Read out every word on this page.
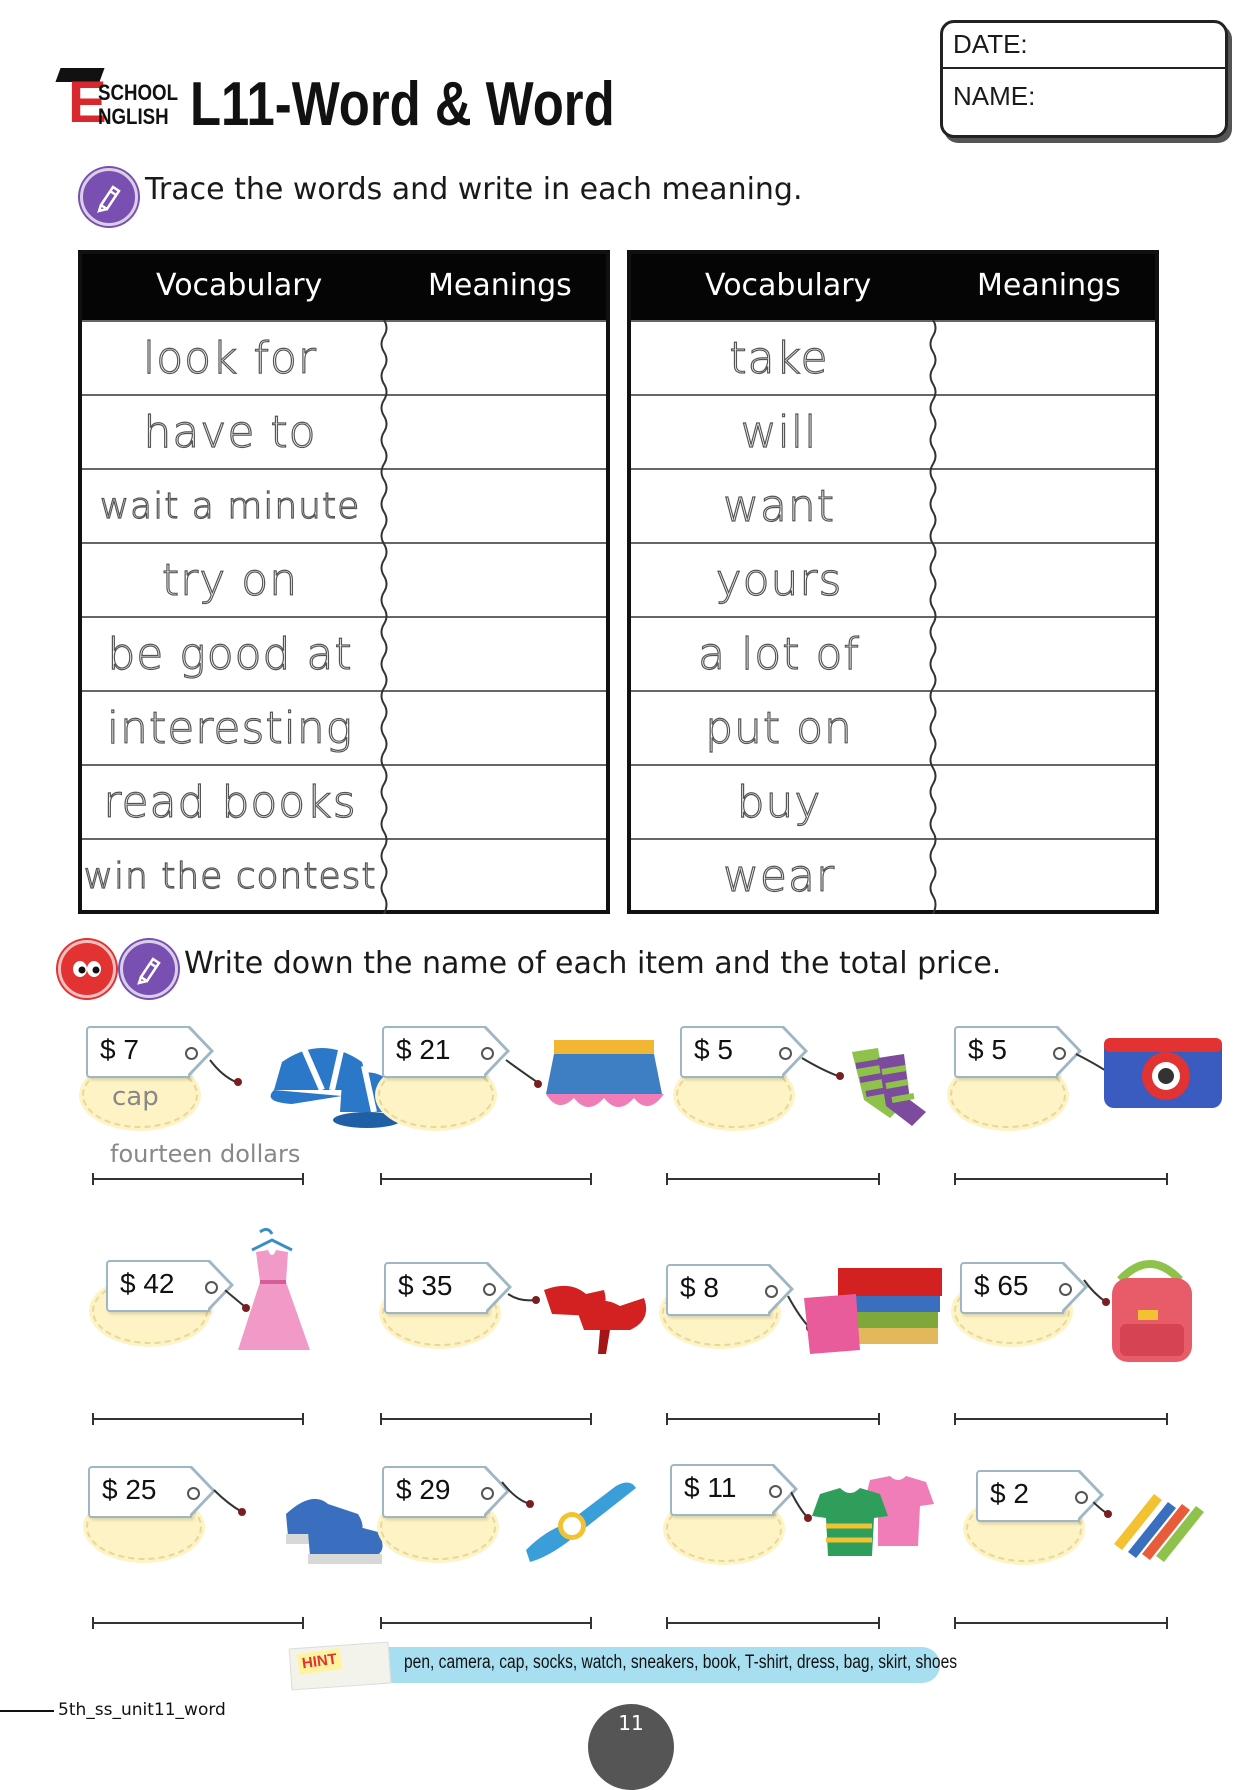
E
SCHOOL
NGLISH L11-Word & Word
DATE:
NAME:
Trace the words and write in each meaning.
Vocabulary	Meanings
look for
have to
wait a minute
try on
be good at
interesting
read books
win the contest
Vocabulary	Meanings
take
will
want
yours
a lot of
put on
buy
wear
Write down the name of each item and the total price.
$ 7
cap
fourteen dollars
$ 21	$ 5	$ 5
$ 42	$ 35	$ 8	$ 65
$ 25	$ 29	$ 11	$ 2
HINT	pen, camera, cap, socks, watch, sneakers, book, T-shirt, dress, bag, skirt, shoes
5th_ss_unit11_word
11
